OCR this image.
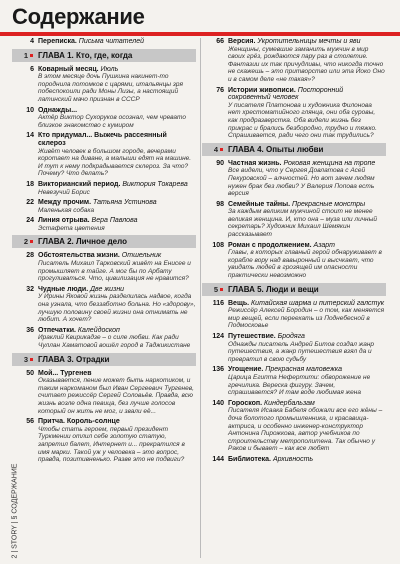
Содержание
2 | STORY | § СОДЕРЖАНИЕ
4 Переписка. Письма читателей
1 ГЛАВА 1. Кто, где, когда
6 Коварный месяц. Июль
В этом месяце дочь Пушкина накинет-то породнила потомков с царями, итальянцы зря побеспокоили ради Моны Лизы, а настоящий латинский мачо признан в СССР
10 Однажды...
Актёр Виктор Сухоруков осознал, чем чревато близкое знакомство с кумиром
14 Кто придумал... Выжечь рассеянный склероз
Живёт человек в большом городе, вечерами коротает на диване, а малыши едят на машине. И тут к нему подкрадывается склероз. За что? Почему? Что делать?
18 Викторианский период. Виктория Токарева
Невезучий Борис
22 Между прочим. Татьяна Устинова
Маленькая собака
24 Линия отрыва. Вера Павлова
Эстафета цветения
2 ГЛАВА 2. Личное дело
28 Обстоятельства жизни. Отшельник
Писатель Михаил Тарковский живёт на Енисее и промышляет в тайге. А мог бы по Арбату прогуливаться. Что, цивилизация не нравится?
32 Чудные люди. Две жизни
У Ирины Яковой жизнь разделилась надвое, когда она узнала, что беззаботно больна. Но «здорову», лучшую половину своей жизни она отнимать не любит. А хочет?
36 Отпечатки. Калейдоскоп
Ираклий Квирикадзе – о силе любви. Как ради Чуллан Хаматовой вошёл город в Таджикистане
3 ГЛАВА 3. Отрадки
50 Мой... Тургенев
Оказывается, пение может быть наркотиком, и таким наркоманом был Иван Сергеевич Тургенев, считает режиссёр Сергей Соловьёв. Правда, всю жизнь возле одна певица, без лучше голосов который он жить не мог, и звали её...
56 Притча. Король-солнце
Чтобы стать героем, первый президент Туркмении отлил себе золотую статую, запретил балет, Интернет и... прекратился в имя марки. Такой уж у человека – это вопрос, правда, позитивненько. Разве это не подвиги?
66 Версия. Укротительницы мечты и яви
Женщины, сумевшие заманить мужчин в мир своих грёз, рождаются пару раз в столетие. Фантазии их так причудливы, что никогда точно не скажешь – это притворство или эта Йоко Оно и в самом деле «не такая»?
76 Истории живописи. Посторонний сокровенный человек
У писателя Платонова и художника Филонова нет хрестоматийного глянца, они оба суровы, как продразверстка. Оба видели жизнь без прикрас и брались безбородно, трудно и тяжко. Спрашивается, ради чего они так трудились?
4 ГЛАВА 4. Опыты любви
90 Частная жизнь. Роковая женщина на тропе
Все видели, что у Сергея Довлатова с Асей Пекуровской – алчностей. Но вот зачем людям нужен брак без любви? У Валерия Попова есть версия
98 Семейные тайны. Прекрасные монстры
За каждым великим мужчиной стоит не менее великая женщина. И, кто она – муза или личный секретарь? Художник Михаил Шемякин рассказывает
108 Роман с продолжением. Азарт
Главы, в которых главный герой обнаруживает в корабле вору над вавыронный и высчкает, что увидать людей в грозящей им опасности практически невозможно
5 ГЛАВА 5. Люди и вещи
116 Вещь. Китайская шарма и питерский галстук
Режиссёр Алексей Бородин – о том, как меняется мир вещей, если переехать из Поднебесной в Подмосковье
124 Путешествие. Бродяга
Однажды писатель Андрей Битов создал жанр путешествия, а жанр путешествия взял да и превратил в свою судьбу
136 Угощение. Прекрасная маловежка
Царица Египта Нефертити: обворожение не гречилика. Вереска фигуру. Зачем, спрашивается? И там воде любимая жена
140 Гороскоп. Киндербальзам
Писателя Исаака Бабеля обожали все его жёны – доча болотого промышленника, и красавица-актриса, и особенно инженер-конструктор Антонина Пирожкова, автор учебников по строительству метрополитена. Так обычно у Раков и бывает – как все любят
144 Библиотека. Архивность
